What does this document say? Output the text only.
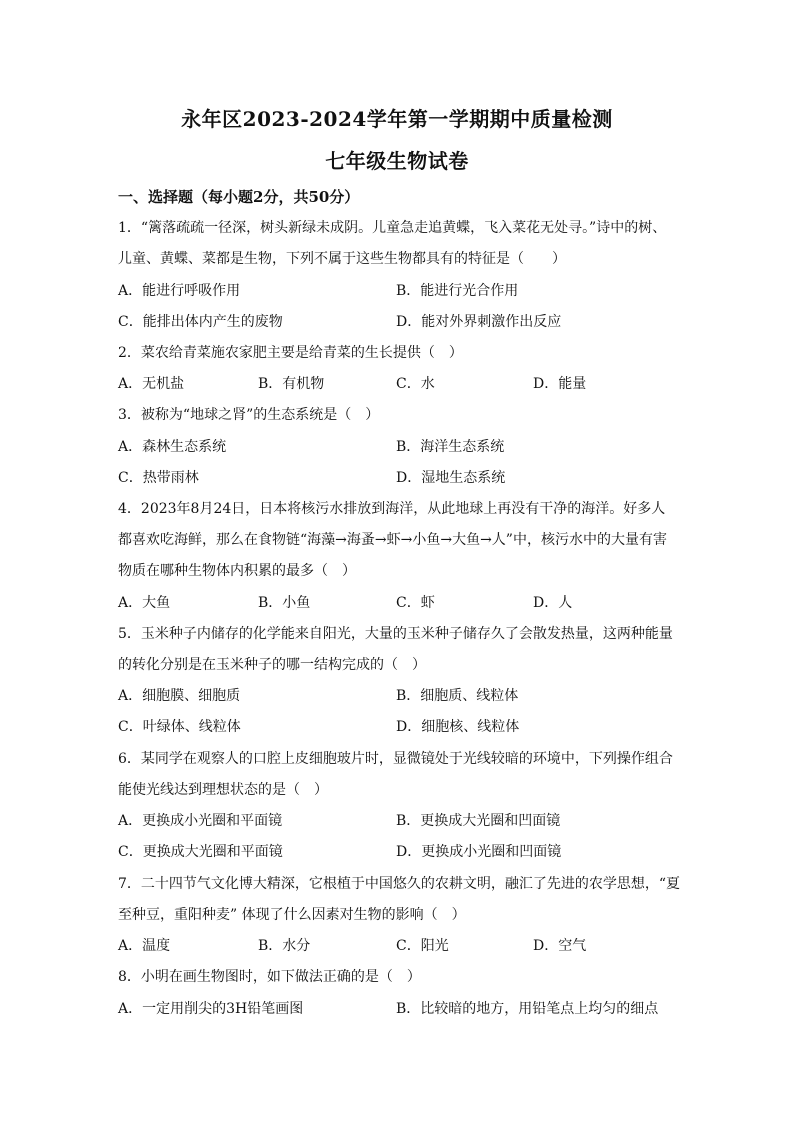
永年区2023-2024学年第一学期期中质量检测
七年级生物试卷
一、选择题（每小题2分，共50分）
1．“篱落疏疏一径深，树头新绿未成阴。儿童急走追黄蝶，飞入菜花无处寻。”诗中的树、
儿童、黄蝶、菜都是生物，下列不属于这些生物都具有的特征是（　　）
A．能进行呼吸作用	B．能进行光合作用
C．能排出体内产生的废物	D．能对外界刺激作出反应
2．菜农给青菜施农家肥主要是给青菜的生长提供（　）
A．无机盐	B．有机物	C．水	D．能量
3．被称为“地球之肾”的生态系统是（　）
A．森林生态系统	B．海洋生态系统
C．热带雨林	D．湿地生态系统
4．2023年8月24日，日本将核污水排放到海洋，从此地球上再没有干净的海洋。好多人
都喜欢吃海鲜，那么在食物链“海藻→海蚤→虾→小鱼→大鱼→人”中，核污水中的大量有害
物质在哪种生物体内积累的最多（　）
A．大鱼	B．小鱼	C．虾	D．人
5．玉米种子内储存的化学能来自阳光，大量的玉米种子储存久了会散发热量，这两种能量
的转化分别是在玉米种子的哪一结构完成的（　）
A．细胞膜、细胞质	B．细胞质、线粒体
C．叶绿体、线粒体	D．细胞核、线粒体
6．某同学在观察人的口腔上皮细胞玻片时，显微镜处于光线较暗的环境中，下列操作组合
能使光线达到理想状态的是（　）
A．更换成小光圈和平面镜	B．更换成大光圈和凹面镜
C．更换成大光圈和平面镜	D．更换成小光圈和凹面镜
7．二十四节气文化博大精深，它根植于中国悠久的农耕文明，融汇了先进的农学思想，“夏
至种豆，重阳种麦” 体现了什么因素对生物的影响（　）
A．温度	B．水分	C．阳光	D．空气
8．小明在画生物图时，如下做法正确的是（　）
A．一定用削尖的3H铅笔画图	B．比较暗的地方，用铅笔点上均匀的细点
